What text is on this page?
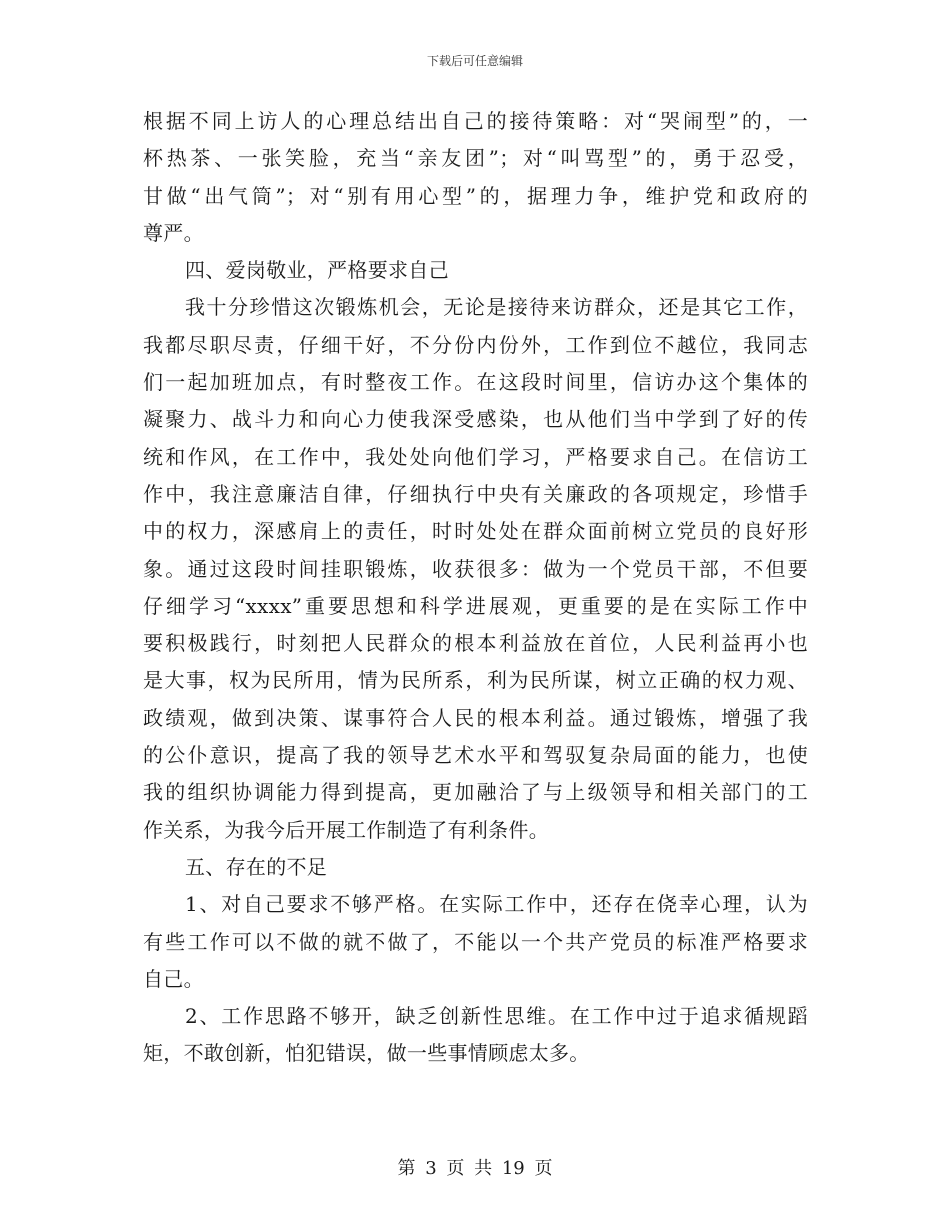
下载后可任意编辑
根据不同上访人的心理总结出自己的接待策略：对“哭闹型”的，一
杯热茶、一张笑脸，充当“亲友团”；对“叫骂型”的，勇于忍受，
甘做“出气筒”；对“别有用心型”的，据理力争，维护党和政府的
尊严。
四、爱岗敬业，严格要求自己
我十分珍惜这次锻炼机会，无论是接待来访群众，还是其它工作，
我都尽职尽责，仔细干好，不分份内份外，工作到位不越位，我同志
们一起加班加点，有时整夜工作。在这段时间里，信访办这个集体的
凝聚力、战斗力和向心力使我深受感染，也从他们当中学到了好的传
统和作风，在工作中，我处处向他们学习，严格要求自己。在信访工
作中，我注意廉洁自律，仔细执行中央有关廉政的各项规定，珍惜手
中的权力，深感肩上的责任，时时处处在群众面前树立党员的良好形
象。通过这段时间挂职锻炼，收获很多：做为一个党员干部，不但要
仔细学习“xxxx”重要思想和科学进展观，更重要的是在实际工作中
要积极践行，时刻把人民群众的根本利益放在首位，人民利益再小也
是大事，权为民所用，情为民所系，利为民所谋，树立正确的权力观、
政绩观，做到决策、谋事符合人民的根本利益。通过锻炼，增强了我
的公仆意识，提高了我的领导艺术水平和驾驭复杂局面的能力，也使
我的组织协调能力得到提高，更加融洽了与上级领导和相关部门的工
作关系，为我今后开展工作制造了有利条件。
五、存在的不足
1、对自己要求不够严格。在实际工作中，还存在侥幸心理，认为
有些工作可以不做的就不做了，不能以一个共产党员的标准严格要求
自己。
2、工作思路不够开，缺乏创新性思维。在工作中过于追求循规蹈
矩，不敢创新，怕犯错误，做一些事情顾虑太多。
第 3 页 共 19 页
